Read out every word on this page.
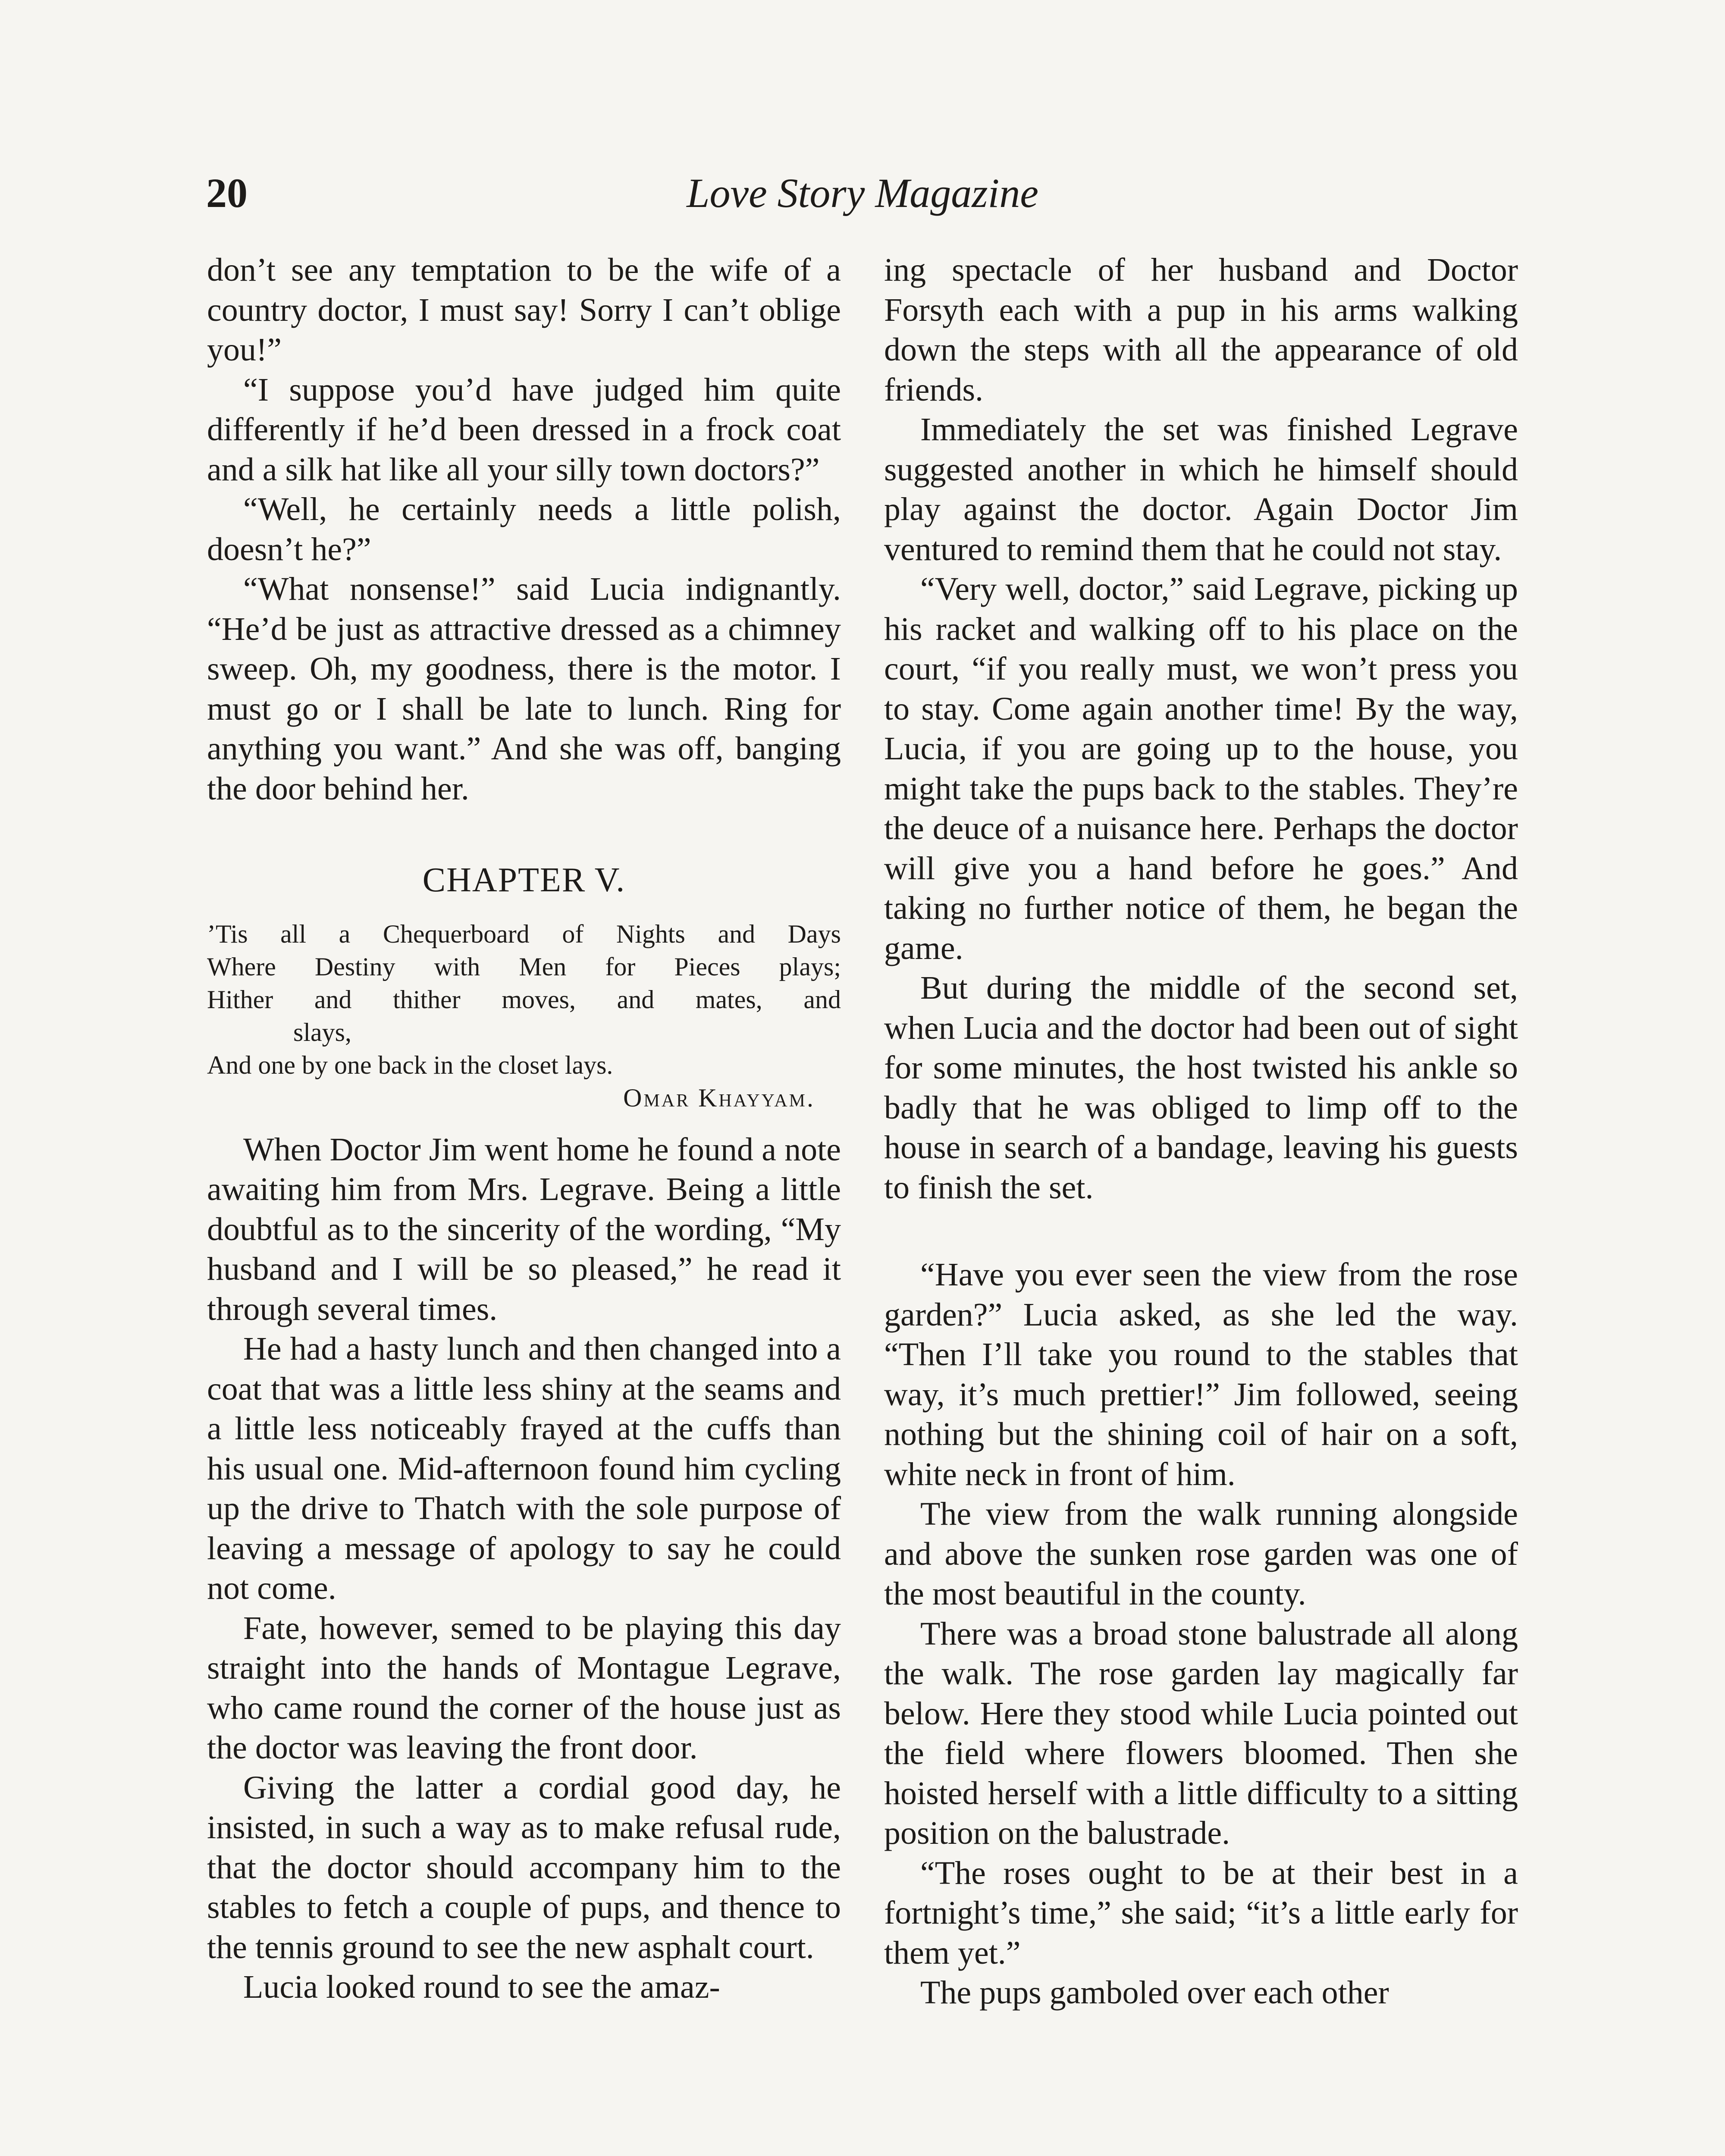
20	Love Story Magazine

don’t see any temptation to be the wife of a country doctor, I must say! Sorry I can’t oblige you!”

“I suppose you’d have judged him quite differently if he’d been dressed in a frock coat and a silk hat like all your silly town doctors?”

“Well, he certainly needs a little polish, doesn’t he?”

“What nonsense!” said Lucia indignantly. “He’d be just as attractive dressed as a chimney sweep. Oh, my goodness, there is the motor. I must go or I shall be late to lunch. Ring for anything you want.” And she was off, banging the door behind her.

CHAPTER V.
’Tis all a Chequerboard of Nights and Days
Where Destiny with Men for Pieces plays;
Hither and thither moves, and mates, and
slays,
And one by one back in the closet lays.
Omar Khayyam.

When Doctor Jim went home he found a note awaiting him from Mrs. Legrave. Being a little doubtful as to the sincerity of the wording, “My husband and I will be so pleased,” he read it through several times.

He had a hasty lunch and then changed into a coat that was a little less shiny at the seams and a little less noticeably frayed at the cuffs than his usual one. Mid-afternoon found him cycling up the drive to Thatch with the sole purpose of leaving a message of apology to say he could not come.

Fate, however, semed to be playing this day straight into the hands of Montague Legrave, who came round the corner of the house just as the doctor was leaving the front door.

Giving the latter a cordial good day, he insisted, in such a way as to make refusal rude, that the doctor should accompany him to the stables to fetch a couple of pups, and thence to the tennis ground to see the new asphalt court.

Lucia looked round to see the amaz-

ing spectacle of her husband and Doctor Forsyth each with a pup in his arms walking down the steps with all the appearance of old friends.

Immediately the set was finished Legrave suggested another in which he himself should play against the doctor. Again Doctor Jim ventured to remind them that he could not stay.

“Very well, doctor,” said Legrave, picking up his racket and walking off to his place on the court, “if you really must, we won’t press you to stay. Come again another time! By the way, Lucia, if you are going up to the house, you might take the pups back to the stables. They’re the deuce of a nuisance here. Perhaps the doctor will give you a hand before he goes.” And taking no further notice of them, he began the game.

But during the middle of the second set, when Lucia and the doctor had been out of sight for some minutes, the host twisted his ankle so badly that he was obliged to limp off to the house in search of a bandage, leaving his guests to finish the set.

“Have you ever seen the view from the rose garden?” Lucia asked, as she led the way. “Then I’ll take you round to the stables that way, it’s much prettier!” Jim followed, seeing nothing but the shining coil of hair on a soft, white neck in front of him.

The view from the walk running alongside and above the sunken rose garden was one of the most beautiful in the county.

There was a broad stone balustrade all along the walk. The rose garden lay magically far below. Here they stood while Lucia pointed out the field where flowers bloomed. Then she hoisted herself with a little difficulty to a sitting position on the balustrade.

“The roses ought to be at their best in a fortnight’s time,” she said; “it’s a little early for them yet.”

The pups gamboled over each other
